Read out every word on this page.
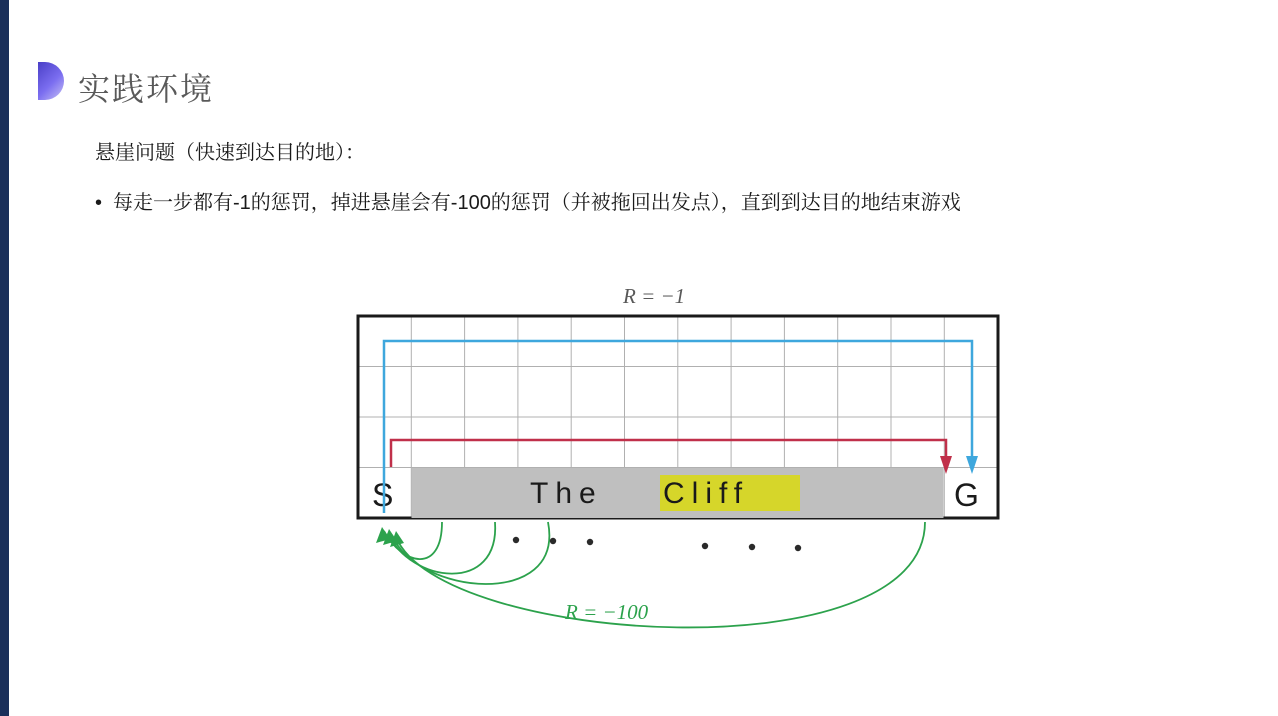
实践环境
悬崖问题（快速到达目的地）：
• 每走一步都有-1的惩罚，掉进悬崖会有-100的惩罚（并被拖回出发点），直到到达目的地结束游戏
R = −1
The Cliff
S	G
R = −100
